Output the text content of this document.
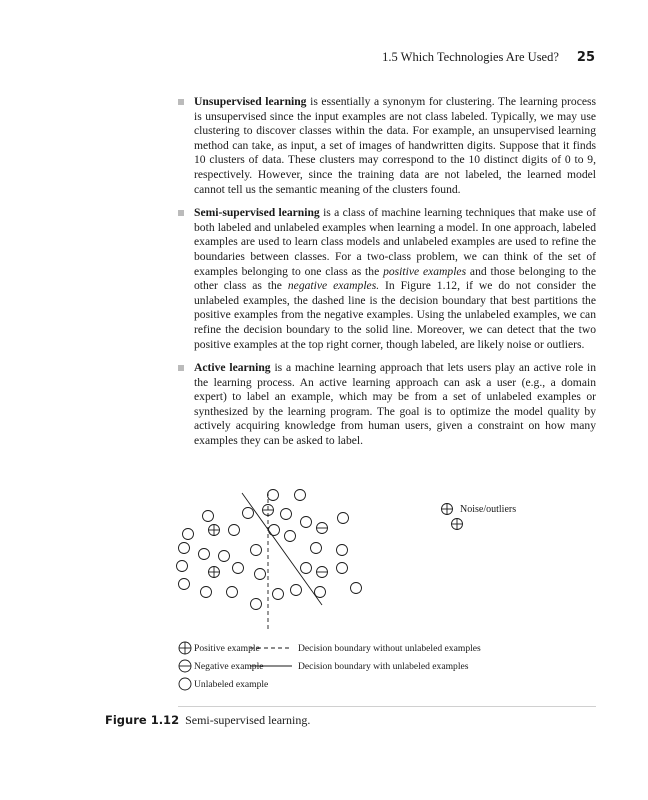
1.5 Which Technologies Are Used? 25
Unsupervised learning is essentially a synonym for clustering. The learning process is unsupervised since the input examples are not class labeled. Typically, we may use clustering to discover classes within the data. For example, an unsupervised learning method can take, as input, a set of images of handwritten digits. Suppose that it finds 10 clusters of data. These clusters may correspond to the 10 distinct digits of 0 to 9, respectively. However, since the training data are not labeled, the learned model cannot tell us the semantic meaning of the clusters found.
Semi-supervised learning is a class of machine learning techniques that make use of both labeled and unlabeled examples when learning a model. In one approach, labeled examples are used to learn class models and unlabeled examples are used to refine the boundaries between classes. For a two-class problem, we can think of the set of examples belonging to one class as the positive examples and those belonging to the other class as the negative examples. In Figure 1.12, if we do not consider the unlabeled examples, the dashed line is the decision boundary that best partitions the positive examples from the negative examples. Using the unlabeled examples, we can refine the decision boundary to the solid line. Moreover, we can detect that the two positive examples at the top right corner, though labeled, are likely noise or outliers.
Active learning is a machine learning approach that lets users play an active role in the learning process. An active learning approach can ask a user (e.g., a domain expert) to label an example, which may be from a set of unlabeled examples or synthesized by the learning program. The goal is to optimize the model quality by actively acquiring knowledge from human users, given a constraint on how many examples they can be asked to label.
Noise/outliers
Positive example
Negative example
Unlabeled example
Decision boundary without unlabeled examples
Decision boundary with unlabeled examples
Figure 1.12 Semi-supervised learning.
